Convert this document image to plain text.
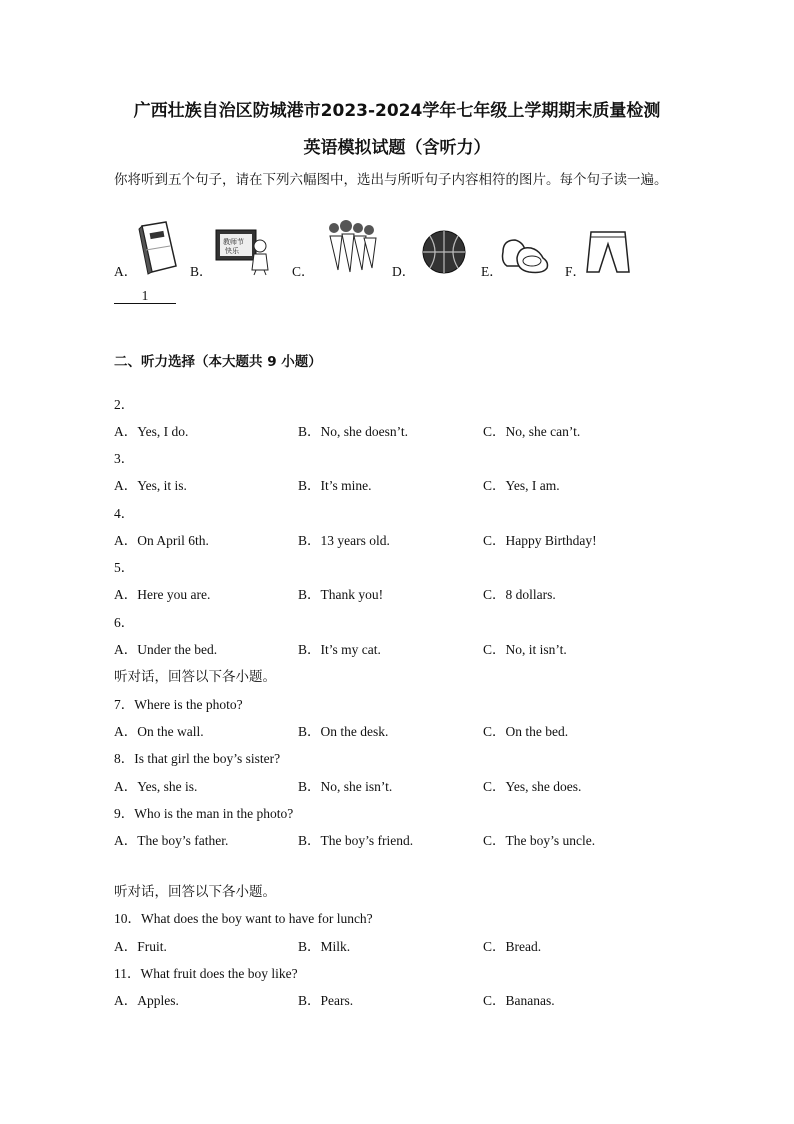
广西壮族自治区防城港市2023-2024学年七年级上学期期末质量检测
英语模拟试题（含听力）
你将听到五个句子，请在下列六幅图中，选出与所听句子内容相符的图片。每个句子读一遍。
A．	B．
教师节
快乐
C．	D．	E．	F．
1
二、听力选择（本大题共 9 小题）
2．
A．Yes, I do.	B．No, she doesn’t.	C．No, she can’t.
3．
A．Yes, it is.	B．It’s mine.	C．Yes, I am.
4．
A．On April 6th.	B．13 years old.	C．Happy Birthday!
5．
A．Here you are.	B．Thank you!	C．8 dollars.
6．
A．Under the bed.	B．It’s my cat.	C．No, it isn’t.
听对话，回答以下各小题。
7．Where is the photo?
A．On the wall.	B．On the desk.	C．On the bed.
8．Is that girl the boy’s sister?
A．Yes, she is.	B．No, she isn’t.	C．Yes, she does.
9．Who is the man in the photo?
A．The boy’s father.	B．The boy’s friend.	C．The boy’s uncle.
听对话，回答以下各小题。
10．What does the boy want to have for lunch?
A．Fruit.	B．Milk.	C．Bread.
11．What fruit does the boy like?
A．Apples.	B．Pears.	C．Bananas.
